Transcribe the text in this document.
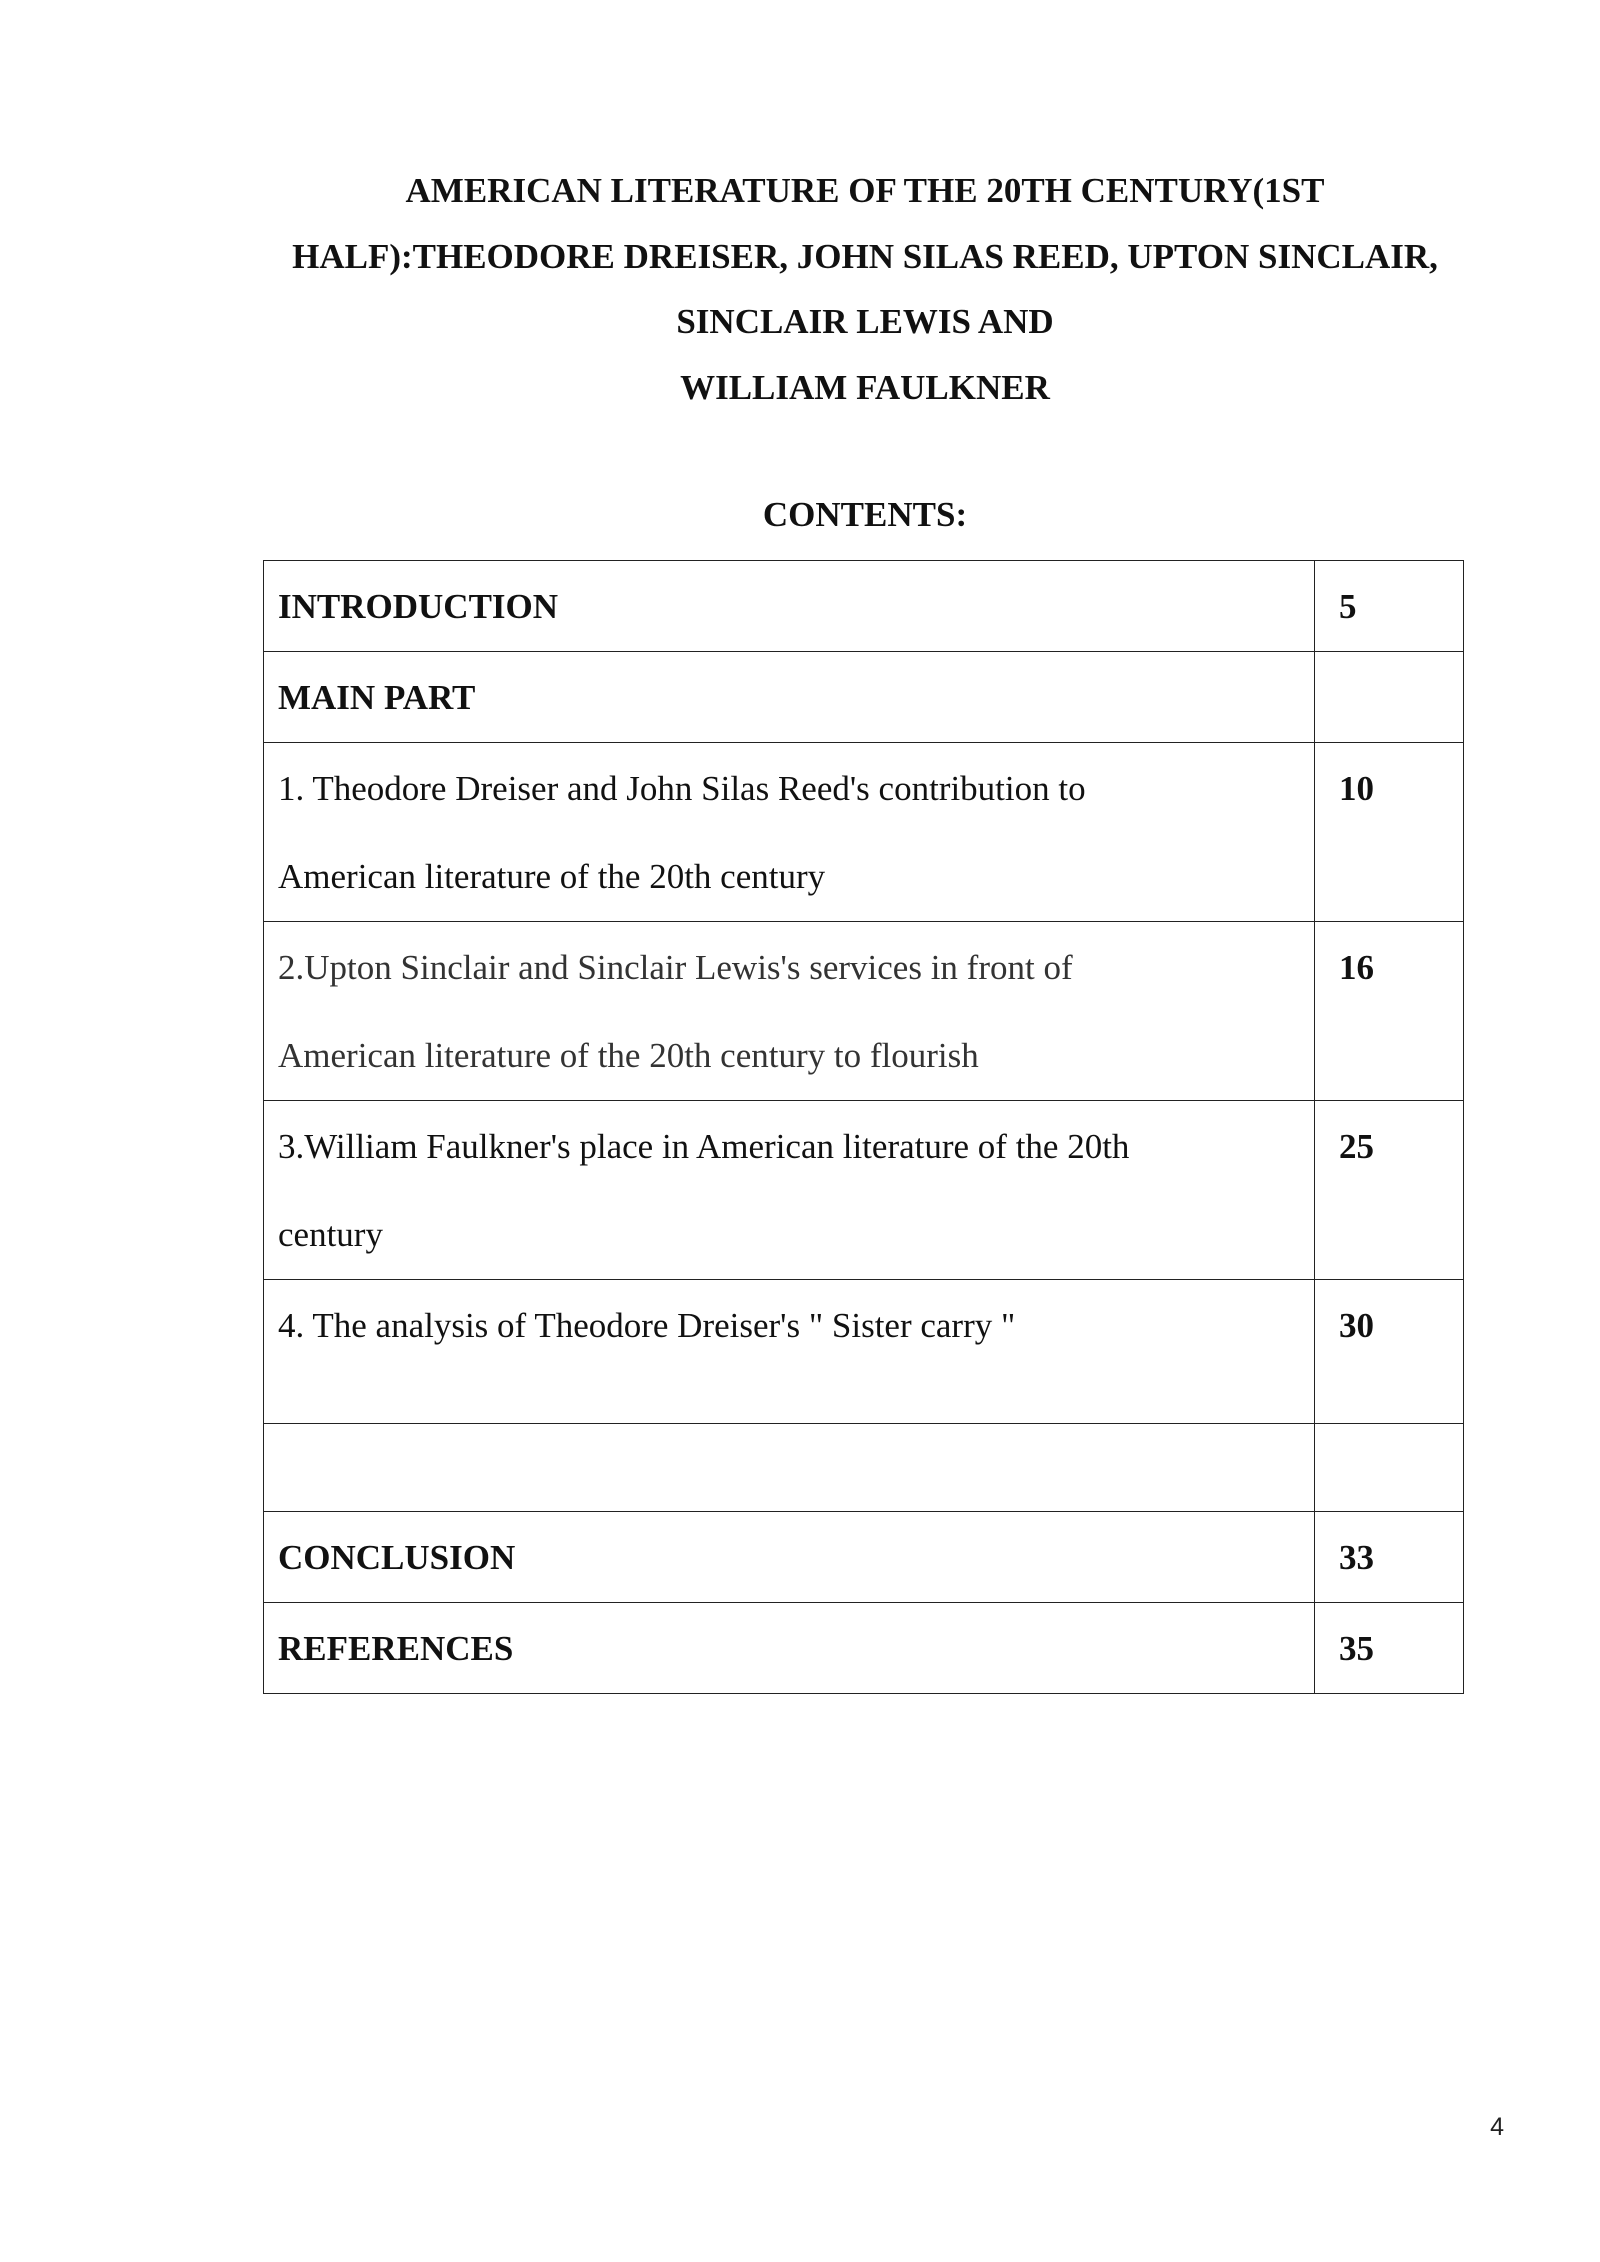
AMERICAN LITERATURE OF THE 20TH CENTURY(1ST
HALF):THEODORE DREISER, JOHN SILAS REED, UPTON SINCLAIR,
SINCLAIR LEWIS AND
WILLIAM FAULKNER
CONTENTS:
INTRODUCTION	5

MAIN PART	

1. Theodore Dreiser and John Silas Reed's contribution to
American literature of the 20th century	10

2.Upton Sinclair and Sinclair Lewis's services in front of
American literature of the 20th century to flourish	16

3.William Faulkner's place in American literature of the 20th
century	25

4. The analysis of Theodore Dreiser's " Sister carry "	30

CONCLUSION	33

REFERENCES	35
4
